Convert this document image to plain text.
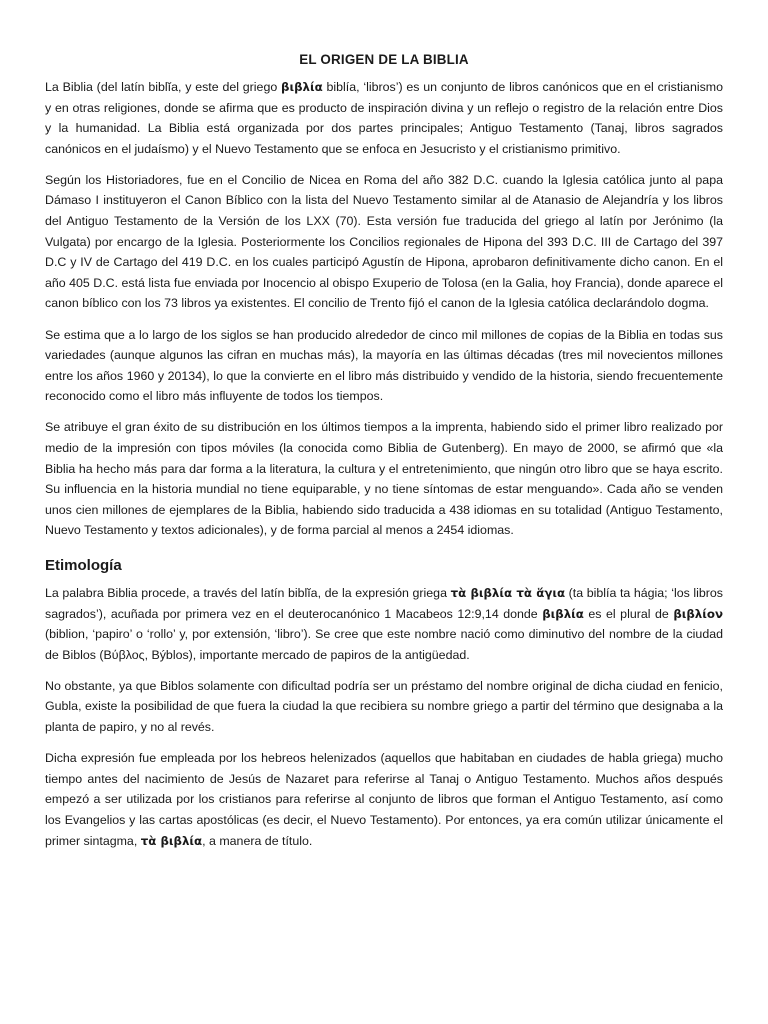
EL ORIGEN DE LA BIBLIA

La Biblia (del latín biblĭa, y este del griego βιβλία biblía, ‘libros’) es un conjunto de libros canónicos que en el cristianismo y en otras religiones, donde se afirma que es producto de inspiración divina y un reflejo o registro de la relación entre Dios y la humanidad. La Biblia está organizada por dos partes principales; Antiguo Testamento (Tanaj, libros sagrados canónicos en el judaísmo) y el Nuevo Testamento que se enfoca en Jesucristo y el cristianismo primitivo.

Según los Historiadores, fue en el Concilio de Nicea en Roma del año 382 D.C. cuando la Iglesia católica junto al papa Dámaso I instituyeron el Canon Bíblico con la lista del Nuevo Testamento similar al de Atanasio de Alejandría y los libros del Antiguo Testamento de la Versión de los LXX (70). Esta versión fue traducida del griego al latín por Jerónimo (la Vulgata) por encargo de la Iglesia. Posteriormente los Concilios regionales de Hipona del 393 D.C. III de Cartago del 397 D.C y IV de Cartago del 419 D.C. en los cuales participó Agustín de Hipona, aprobaron definitivamente dicho canon. En el año 405 D.C. está lista fue enviada por Inocencio al obispo Exuperio de Tolosa (en la Galia, hoy Francia), donde aparece el canon bíblico con los 73 libros ya existentes. El concilio de Trento fijó el canon de la Iglesia católica declarándolo dogma.

Se estima que a lo largo de los siglos se han producido alrededor de cinco mil millones de copias de la Biblia en todas sus variedades (aunque algunos las cifran en muchas más), la mayoría en las últimas décadas (tres mil novecientos millones entre los años 1960 y 20134), lo que la convierte en el libro más distribuido y vendido de la historia, siendo frecuentemente reconocido como el libro más influyente de todos los tiempos.

Se atribuye el gran éxito de su distribución en los últimos tiempos a la imprenta, habiendo sido el primer libro realizado por medio de la impresión con tipos móviles (la conocida como Biblia de Gutenberg). En mayo de 2000, se afirmó que «la Biblia ha hecho más para dar forma a la literatura, la cultura y el entretenimiento, que ningún otro libro que se haya escrito. Su influencia en la historia mundial no tiene equiparable, y no tiene síntomas de estar menguando». Cada año se venden unos cien millones de ejemplares de la Biblia, habiendo sido traducida a 438 idiomas en su totalidad (Antiguo Testamento, Nuevo Testamento y textos adicionales), y de forma parcial al menos a 2454 idiomas.

Etimología

La palabra Biblia procede, a través del latín biblĭa, de la expresión griega τὰ βιβλία τὰ ἅγια (ta biblía ta hágia; ‘los libros sagrados’), acuñada por primera vez en el deuterocanónico 1 Macabeos 12:9,14 donde βιβλία es el plural de βιβλίον (biblion, ‘papiro’ o ‘rollo’ y, por extensión, ‘libro’). Se cree que este nombre nació como diminutivo del nombre de la ciudad de Biblos (Βύβλος, Býblos), importante mercado de papiros de la antigüedad.

No obstante, ya que Biblos solamente con dificultad podría ser un préstamo del nombre original de dicha ciudad en fenicio, Gubla, existe la posibilidad de que fuera la ciudad la que recibiera su nombre griego a partir del término que designaba a la planta de papiro, y no al revés.

Dicha expresión fue empleada por los hebreos helenizados (aquellos que habitaban en ciudades de habla griega) mucho tiempo antes del nacimiento de Jesús de Nazaret para referirse al Tanaj o Antiguo Testamento. Muchos años después empezó a ser utilizada por los cristianos para referirse al conjunto de libros que forman el Antiguo Testamento, así como los Evangelios y las cartas apostólicas (es decir, el Nuevo Testamento). Por entonces, ya era común utilizar únicamente el primer sintagma, τὰ βιβλία, a manera de título.
